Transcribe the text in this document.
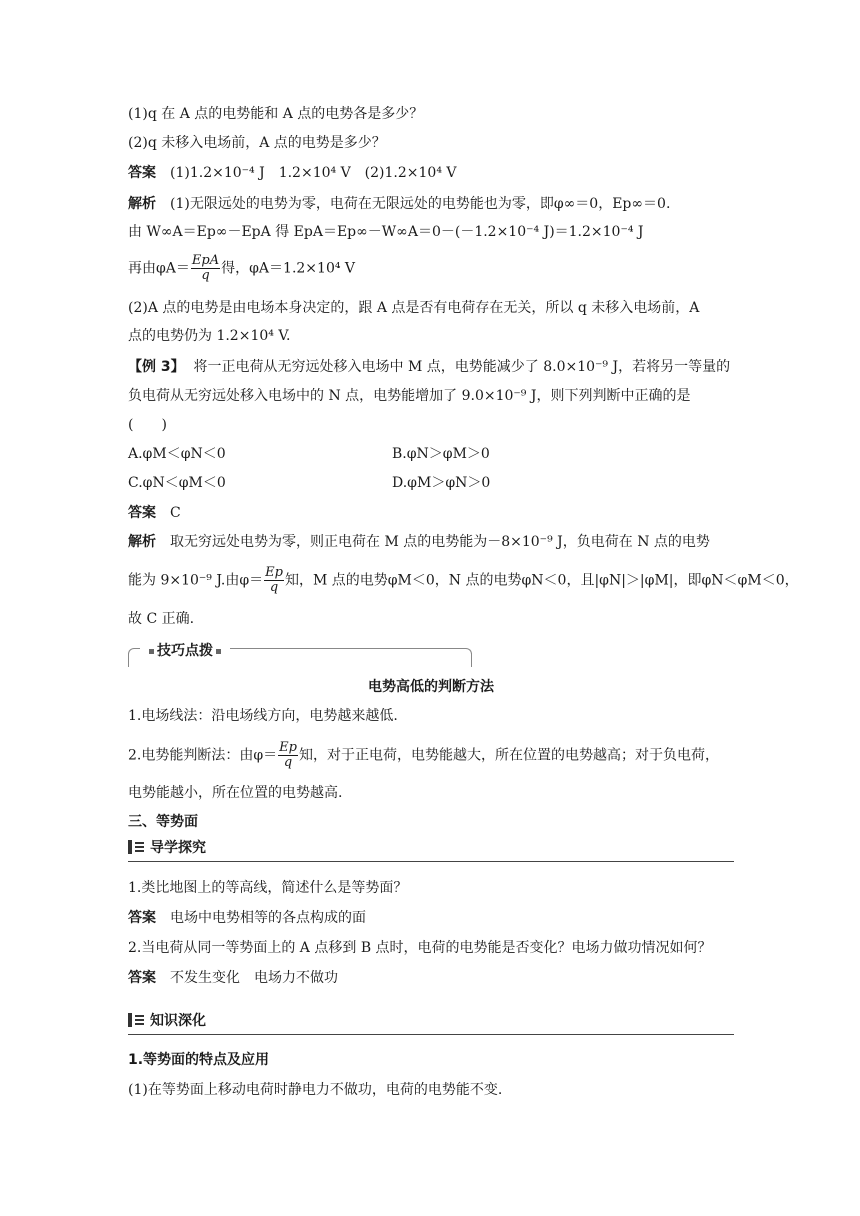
(1)q 在 A 点的电势能和 A 点的电势各是多少？
(2)q 未移入电场前，A 点的电势是多少？
答案 (1)1.2×10⁻⁴ J　1.2×10⁴ V　(2)1.2×10⁴ V
解析 (1)无限远处的电势为零，电荷在无限远处的电势能也为零，即φ∞＝0，Ep∞＝0.
由 W∞A＝Ep∞－EpA 得 EpA＝Ep∞－W∞A＝0－(－1.2×10⁻⁴ J)＝1.2×10⁻⁴ J
再由$\varphi A= \frac{\text{EpA}}{q}$ 得，φA＝1.2×10⁴ V
(2)A 点的电势是由电场本身决定的，跟 A 点是否有电荷存在无关，所以 q 未移入电场前，A
点的电势仍为 1.2×10⁴ V.
【例 3】 将一正电荷从无穷远处移入电场中 M 点，电势能减少了 8.0×10⁻⁹ J，若将另一等量的
负电荷从无穷远处移入电场中的 N 点，电势能增加了 9.0×10⁻⁹ J，则下列判断中正确的是
(　　)
A.φM＜φN＜0	B.φN＞φM＞0
C.φN＜φM＜0	D.φM＞φN＞0
答案 C
解析 取无穷远处电势为零，则正电荷在 M 点的电势能为－8×10⁻⁹ J，负电荷在 N 点的电势
能为 9×10⁻⁹ J.由$\varphi= \frac{Ep}{q}$ 知，M 点的电势φM＜0，N 点的电势φN＜0，且|φN|＞|φM|，即φN＜φM＜0，
故 C 正确.
技巧点拨
电势高低的判断方法
1.电场线法：沿电场线方向，电势越来越低.
2.电势能判断法：由$\varphi= \frac{Ep}{q}$ 知，对于正电荷，电势能越大，所在位置的电势越高；对于负电荷，
电势能越小，所在位置的电势越高.
三、等势面
导学探究
1.类比地图上的等高线，简述什么是等势面？
答案 电场中电势相等的各点构成的面
2.当电荷从同一等势面上的 A 点移到 B 点时，电荷的电势能是否变化？电场力做功情况如何？
答案 不发生变化　电场力不做功
知识深化
1.等势面的特点及应用
(1)在等势面上移动电荷时静电力不做功，电荷的电势能不变.
